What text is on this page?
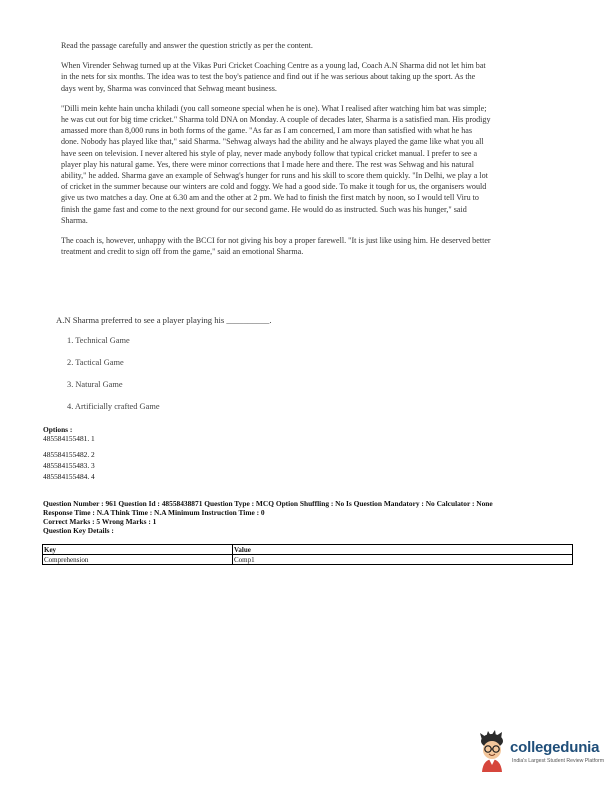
Read the passage carefully and answer the question strictly as per the content.

When Virender Sehwag turned up at the Vikas Puri Cricket Coaching Centre as a young lad, Coach A.N Sharma did not let him bat in the nets for six months. The idea was to test the boy's patience and find out if he was serious about taking up the sport. As the days went by, Sharma was convinced that Sehwag meant business.

"Dilli mein kehte hain uncha khiladi (you call someone special when he is one). What I realised after watching him bat was simple; he was cut out for big time cricket." Sharma told DNA on Monday. A couple of decades later, Sharma is a satisfied man. His prodigy amassed more than 8,000 runs in both forms of the game. "As far as I am concerned, I am more than satisfied with what he has done. Nobody has played like that," said Sharma. "Sehwag always had the ability and he always played the game like what you all have seen on television. I never altered his style of play, never made anybody follow that typical cricket manual. I prefer to see a player play his natural game. Yes, there were minor corrections that I made here and there. The rest was Sehwag and his natural ability," he added. Sharma gave an example of Sehwag's hunger for runs and his skill to score them quickly. "In Delhi, we play a lot of cricket in the summer because our winters are cold and foggy. We had a good side. To make it tough for us, the organisers would give us two matches a day. One at 6.30 am and the other at 2 pm. We had to finish the first match by noon, so I would tell Viru to finish the game fast and come to the next ground for our second game. He would do as instructed. Such was his hunger," said Sharma.

The coach is, however, unhappy with the BCCI for not giving his boy a proper farewell. "It is just like using him. He deserved better treatment and credit to sign off from the game," said an emotional Sharma.

A.N Sharma preferred to see a player playing his __________.
1. Technical Game
2. Tactical Game
3. Natural Game
4. Artificially crafted Game
Options :
485584155481. 1
485584155482. 2
485584155483. 3
485584155484. 4
Question Number : 961 Question Id : 48558438871 Question Type : MCQ Option Shuffling : No Is Question Mandatory : No Calculator : None
Response Time : N.A Think Time : N.A Minimum Instruction Time : 0
Correct Marks : 5 Wrong Marks : 1
Question Key Details :
Key	Value
Comprehension	Comp1
collegedunia
India's Largest Student Review Platform
